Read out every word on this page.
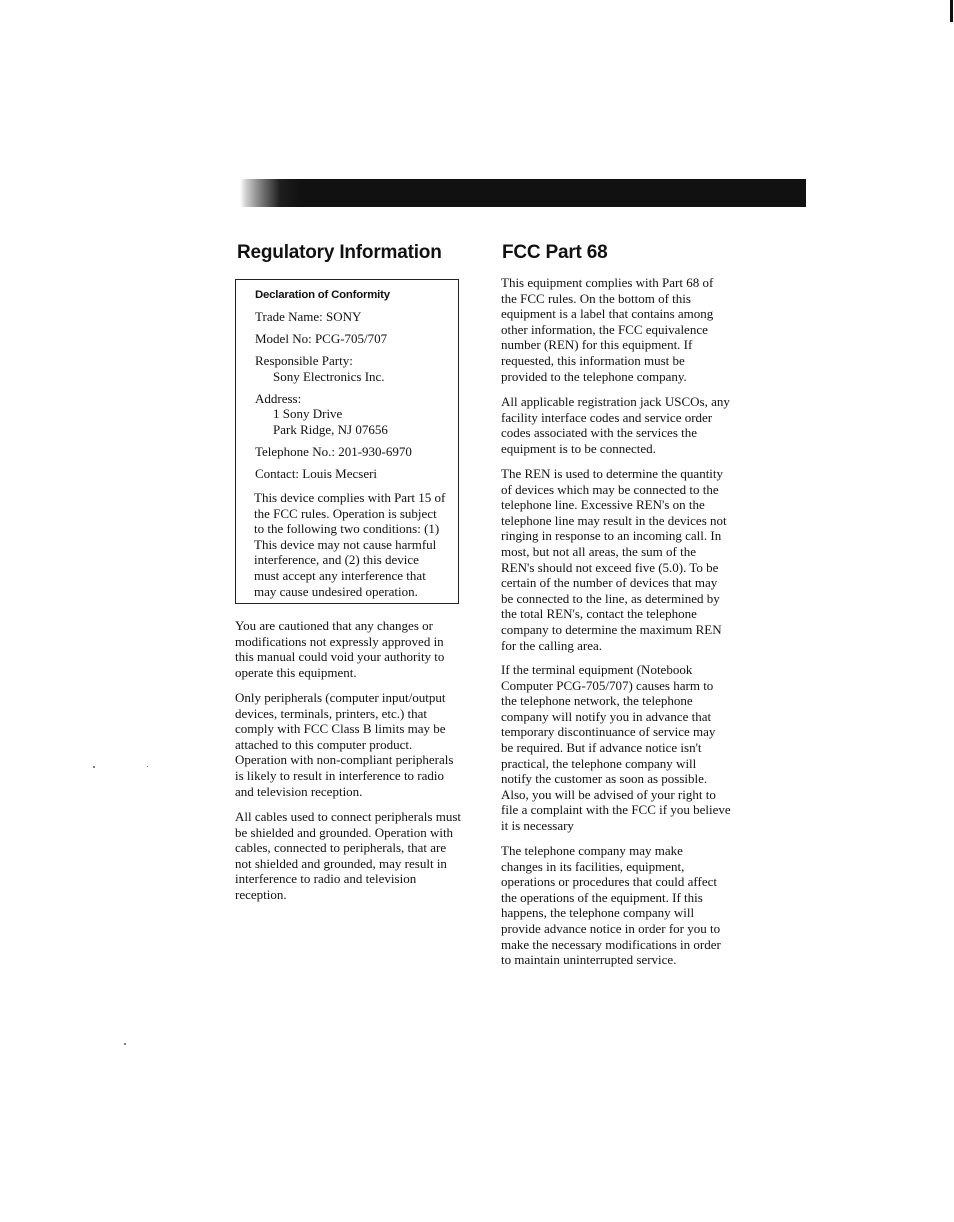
Regulatory Information	FCC Part 68
Declaration of Conformity
Trade Name: SONY
Model No: PCG-705/707
Responsible Party:
Sony Electronics Inc.
Address:
1 Sony Drive
Park Ridge, NJ 07656
Telephone No.: 201-930-6970
Contact: Louis Mecseri

This device complies with Part 15 of
the FCC rules. Operation is subject
to the following two conditions: (1)
This device may not cause harmful
interference, and (2) this device
must accept any interference that
may cause undesired operation.

You are cautioned that any changes or
modifications not expressly approved in
this manual could void your authority to
operate this equipment.

Only peripherals (computer input/output
devices, terminals, printers, etc.) that
comply with FCC Class B limits may be
attached to this computer product.
Operation with non-compliant peripherals
is likely to result in interference to radio
and television reception.

All cables used to connect peripherals must
be shielded and grounded. Operation with
cables, connected to peripherals, that are
not shielded and grounded, may result in
interference to radio and television
reception.

This equipment complies with Part 68 of
the FCC rules. On the bottom of this
equipment is a label that contains among
other information, the FCC equivalence
number (REN) for this equipment. If
requested, this information must be
provided to the telephone company.

All applicable registration jack USCOs, any
facility interface codes and service order
codes associated with the services the
equipment is to be connected.

The REN is used to determine the quantity
of devices which may be connected to the
telephone line. Excessive REN's on the
telephone line may result in the devices not
ringing in response to an incoming call. In
most, but not all areas, the sum of the
REN's should not exceed five (5.0). To be
certain of the number of devices that may
be connected to the line, as determined by
the total REN's, contact the telephone
company to determine the maximum REN
for the calling area.

If the terminal equipment (Notebook
Computer PCG-705/707) causes harm to
the telephone network, the telephone
company will notify you in advance that
temporary discontinuance of service may
be required. But if advance notice isn't
practical, the telephone company will
notify the customer as soon as possible.
Also, you will be advised of your right to
file a complaint with the FCC if you believe
it is necessary

The telephone company may make
changes in its facilities, equipment,
operations or procedures that could affect
the operations of the equipment. If this
happens, the telephone company will
provide advance notice in order for you to
make the necessary modifications in order
to maintain uninterrupted service.
